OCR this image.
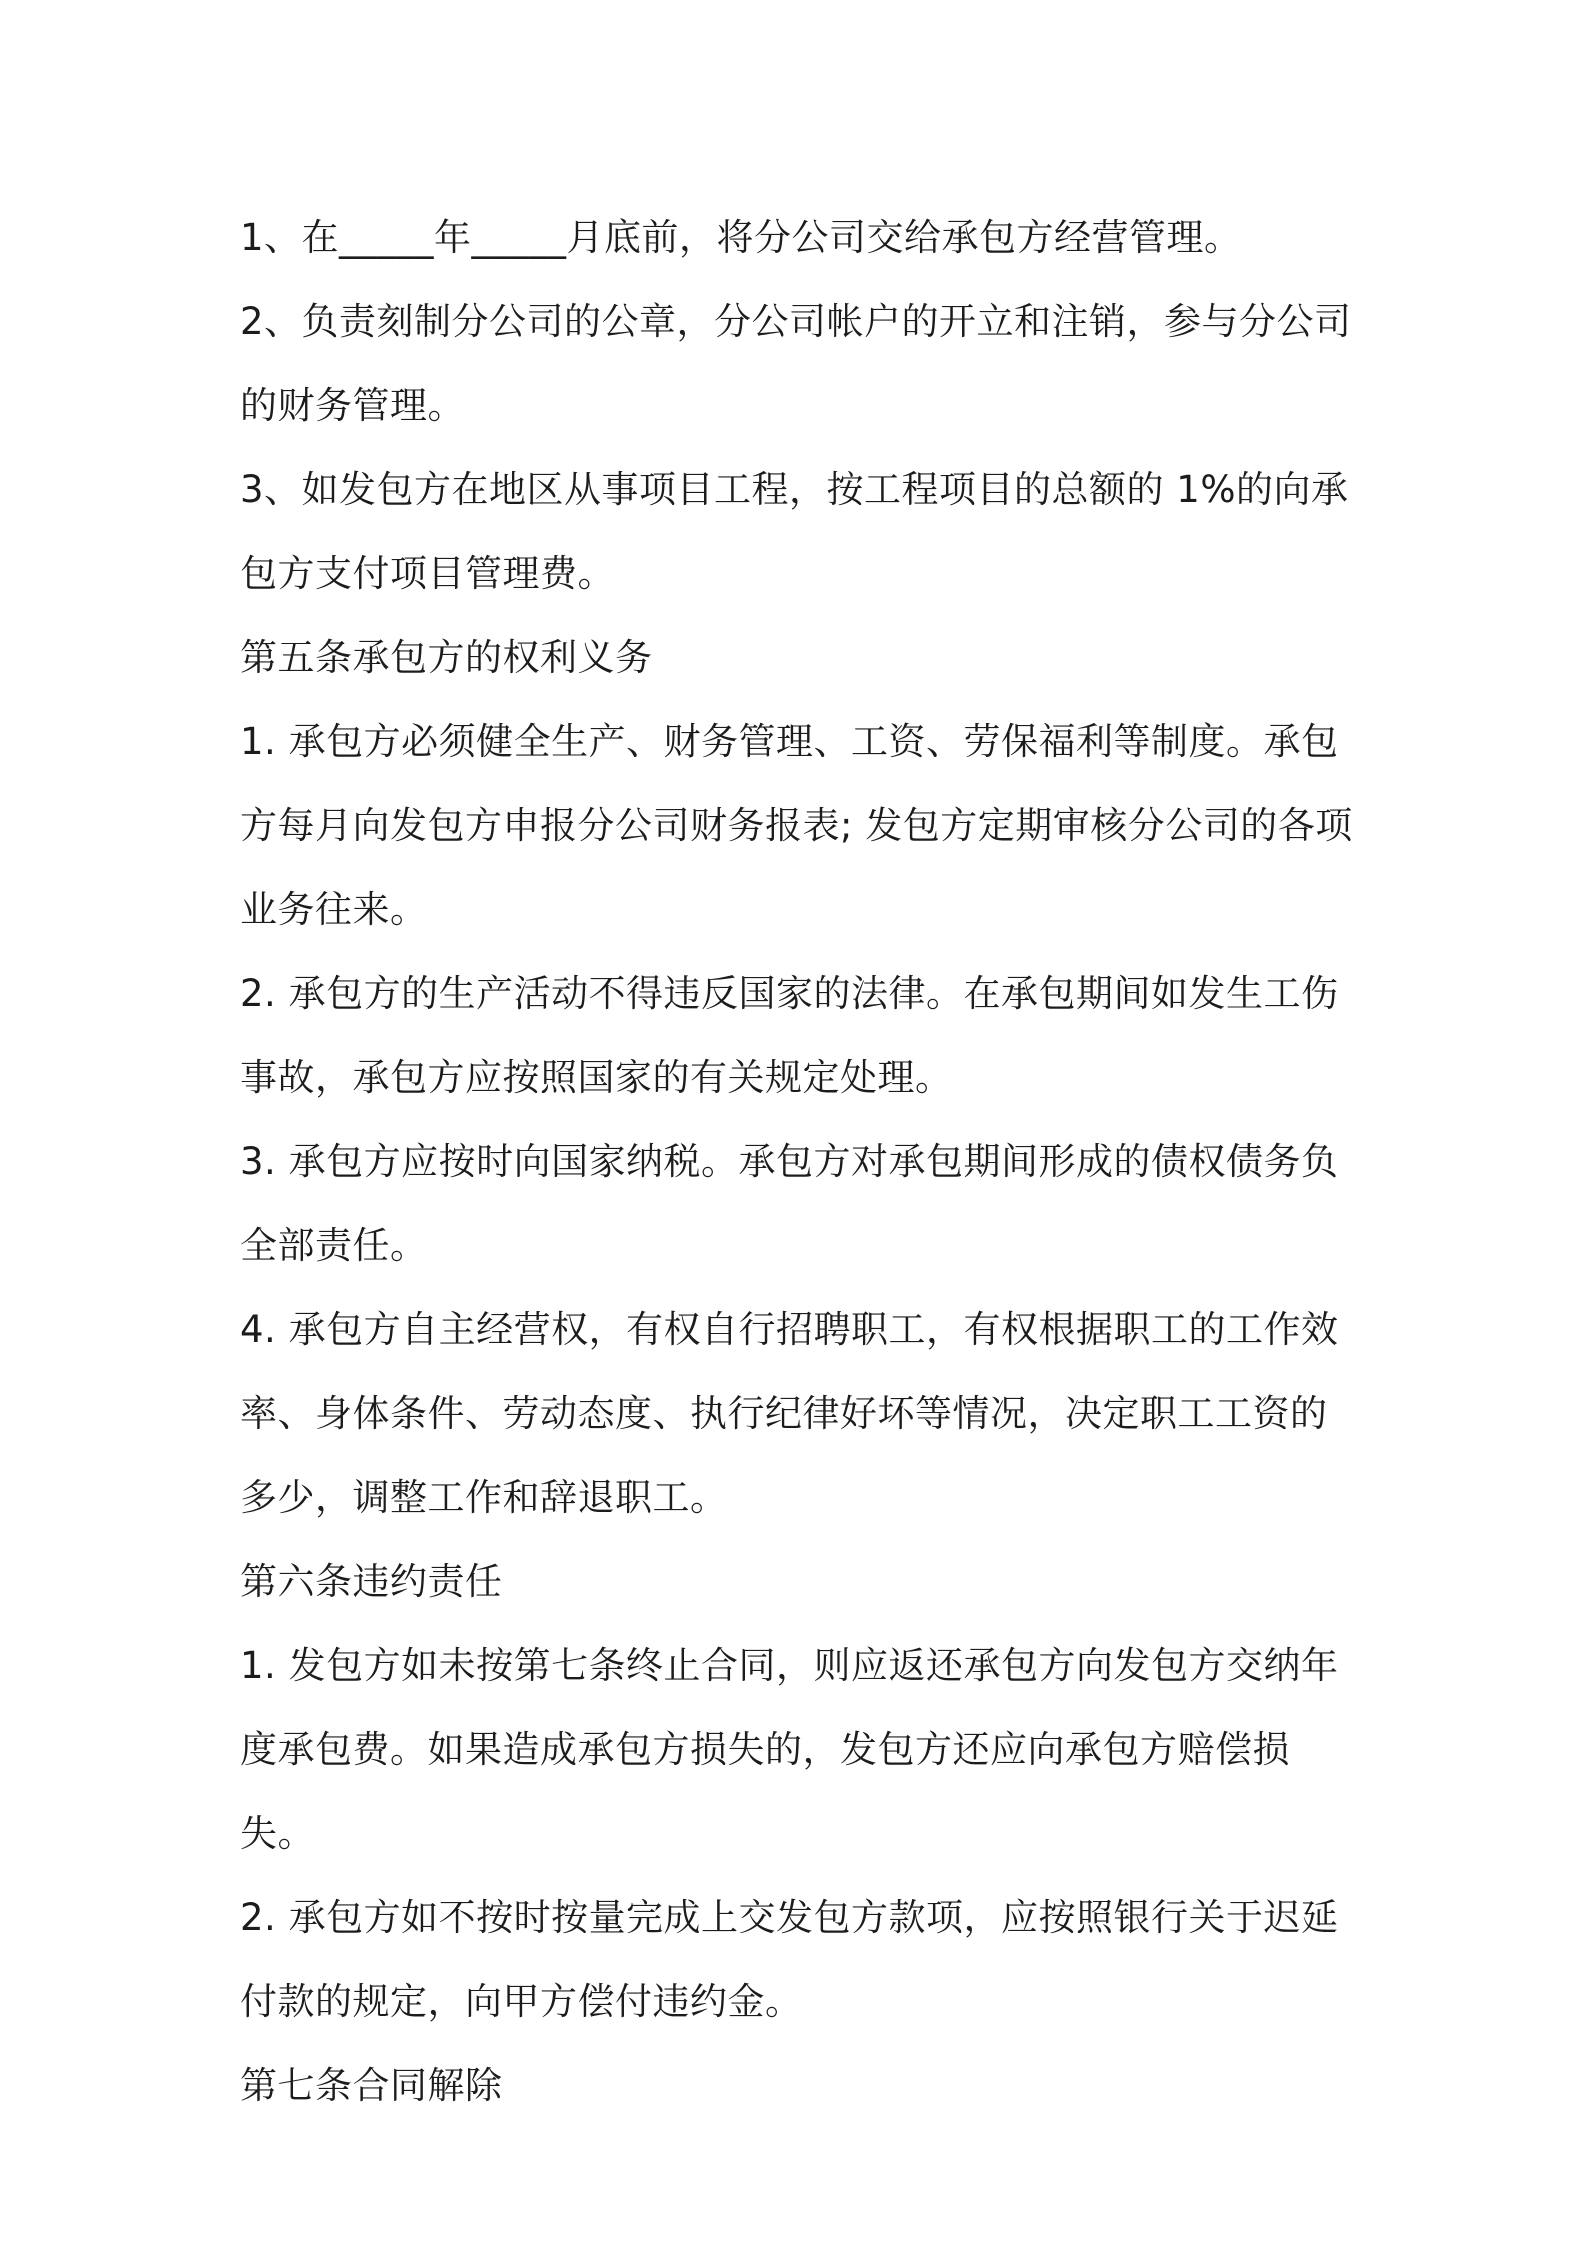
1、在_____年_____月底前，将分公司交给承包方经营管理。

2、负责刻制分公司的公章，分公司帐户的开立和注销，参与分公司的财务管理。

3、如发包方在地区从事项目工程，按工程项目的总额的 1%的向承包方支付项目管理费。

第五条承包方的权利义务

1. 承包方必须健全生产、财务管理、工资、劳保福利等制度。承包方每月向发包方申报分公司财务报表; 发包方定期审核分公司的各项业务往来。

2. 承包方的生产活动不得违反国家的法律。在承包期间如发生工伤事故，承包方应按照国家的有关规定处理。

3. 承包方应按时向国家纳税。承包方对承包期间形成的债权债务负全部责任。

4. 承包方自主经营权，有权自行招聘职工，有权根据职工的工作效率、身体条件、劳动态度、执行纪律好坏等情况，决定职工工资的多少，调整工作和辞退职工。

第六条违约责任

1. 发包方如未按第七条终止合同，则应返还承包方向发包方交纳年度承包费。如果造成承包方损失的，发包方还应向承包方赔偿损失。

2. 承包方如不按时按量完成上交发包方款项，应按照银行关于迟延付款的规定，向甲方偿付违约金。

第七条合同解除
